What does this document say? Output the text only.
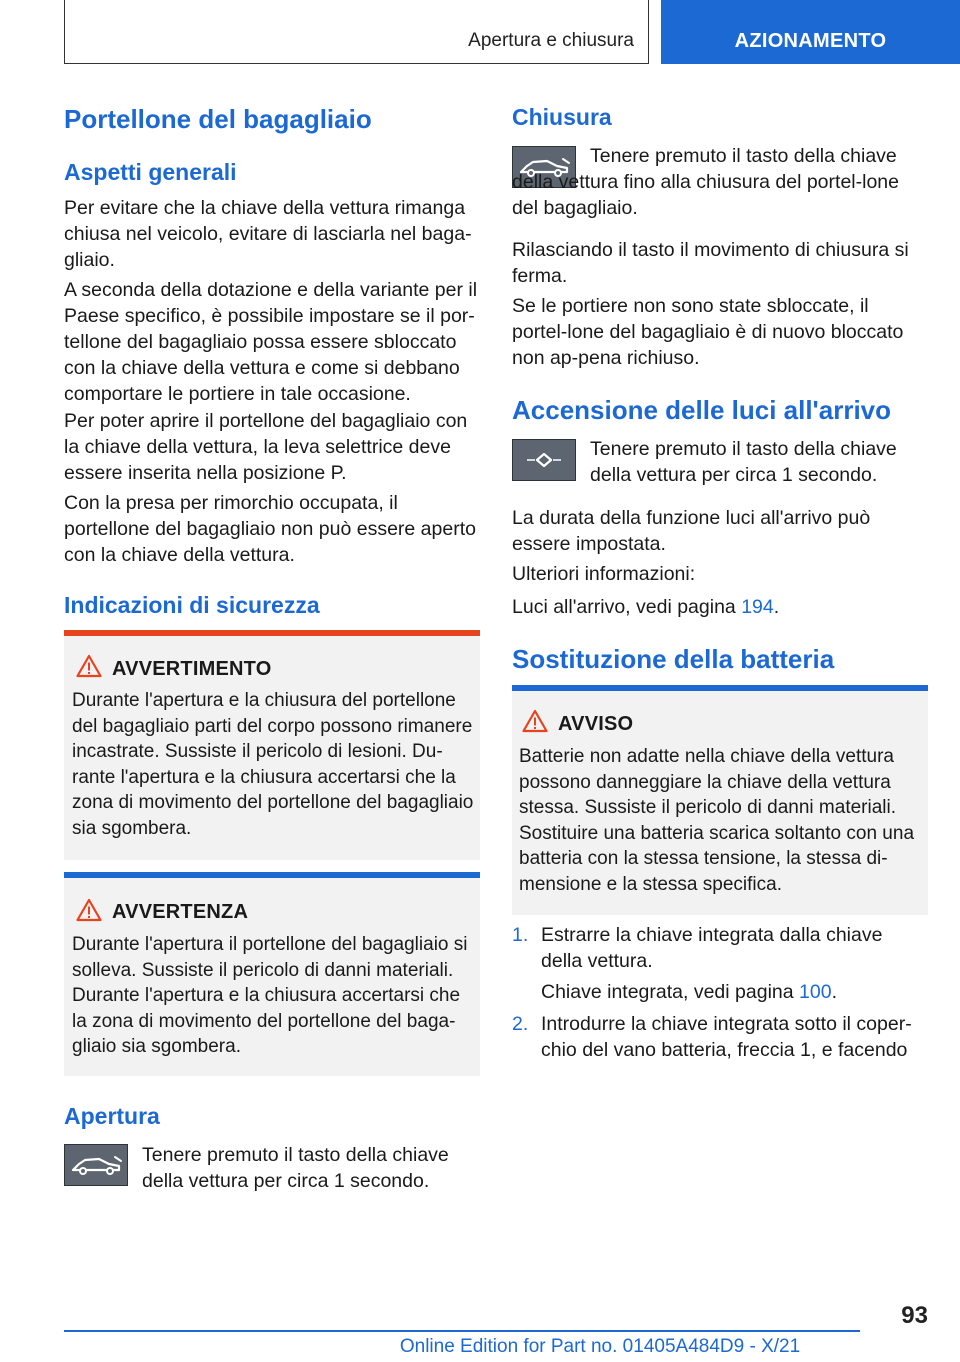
Apertura e chiusura	AZIONAMENTO
Portellone del bagagliaio
Aspetti generali

Per evitare che la chiave della vettura rimanga chiusa nel veicolo, evitare di lasciarla nel baga-gliaio.

A seconda della dotazione e della variante per il Paese specifico, è possibile impostare se il por-tellone del bagagliaio possa essere sbloccato con la chiave della vettura e come si debbano comportare le portiere in tale occasione.

Per poter aprire il portellone del bagagliaio con la chiave della vettura, la leva selettrice deve essere inserita nella posizione P.

Con la presa per rimorchio occupata, il portellone del bagagliaio non può essere aperto con la chiave della vettura.

Indicazioni di sicurezza
AVVERTIMENTO
Durante l'apertura e la chiusura del portellone del bagagliaio parti del corpo possono rimanere incastrate. Sussiste il pericolo di lesioni. Du-rante l'apertura e la chiusura accertarsi che la zona di movimento del portellone del bagagliaio sia sgombera.
AVVERTENZA
Durante l'apertura il portellone del bagagliaio si solleva. Sussiste il pericolo di danni materiali. Durante l'apertura e la chiusura accertarsi che la zona di movimento del portellone del baga-gliaio sia sgombera.
Apertura
Tenere premuto il tasto della chiave della vettura per circa 1 secondo.
Chiusura
Tenere premuto il tasto della chiave della vettura fino alla chiusura del portel-lone del bagagliaio.

Rilasciando il tasto il movimento di chiusura si ferma.

Se le portiere non sono state sbloccate, il portel-lone del bagagliaio è di nuovo bloccato non ap-pena richiuso.

Accensione delle luci all'arrivo
Tenere premuto il tasto della chiave della vettura per circa 1 secondo.

La durata della funzione luci all'arrivo può essere impostata.

Ulteriori informazioni:

Luci all'arrivo, vedi pagina 194.

Sostituzione della batteria
AVVISO
Batterie non adatte nella chiave della vettura possono danneggiare la chiave della vettura stessa. Sussiste il pericolo di danni materiali. Sostituire una batteria scarica soltanto con una batteria con la stessa tensione, la stessa di-mensione e la stessa specifica.
1. Estrarre la chiave integrata dalla chiave della vettura.

Chiave integrata, vedi pagina 100.

2. Introdurre la chiave integrata sotto il coper-chio del vano batteria, freccia 1, e facendo
93
Online Edition for Part no. 01405A484D9 - X/21
